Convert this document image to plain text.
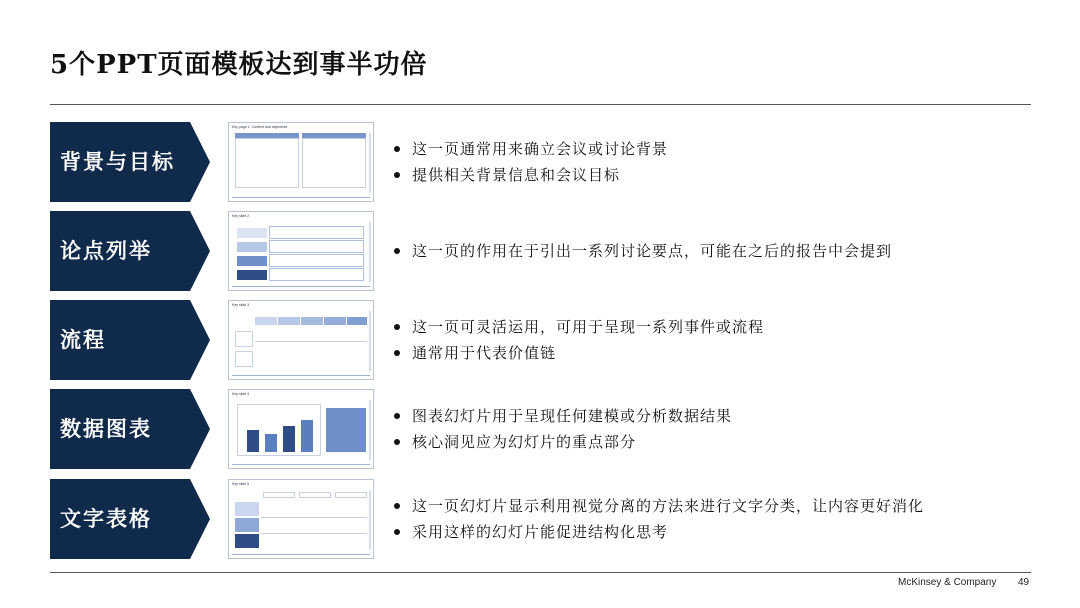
5个PPT页面模板达到事半功倍
背景与目标
Key page 1: Content and objectives
这一页通常用来确立会议或讨论背景
提供相关背景信息和会议目标
论点列举
Key slide 2
这一页的作用在于引出一系列讨论要点，可能在之后的报告中会提到
流程
Key slide 3
这一页可灵活运用，可用于呈现一系列事件或流程
通常用于代表价值链
数据图表
Key slide 4
图表幻灯片用于呈现任何建模或分析数据结果
核心洞见应为幻灯片的重点部分
文字表格
Key slide 5
这一页幻灯片显示利用视觉分离的方法来进行文字分类，让内容更好消化
采用这样的幻灯片能促进结构化思考
McKinsey & Company 49
